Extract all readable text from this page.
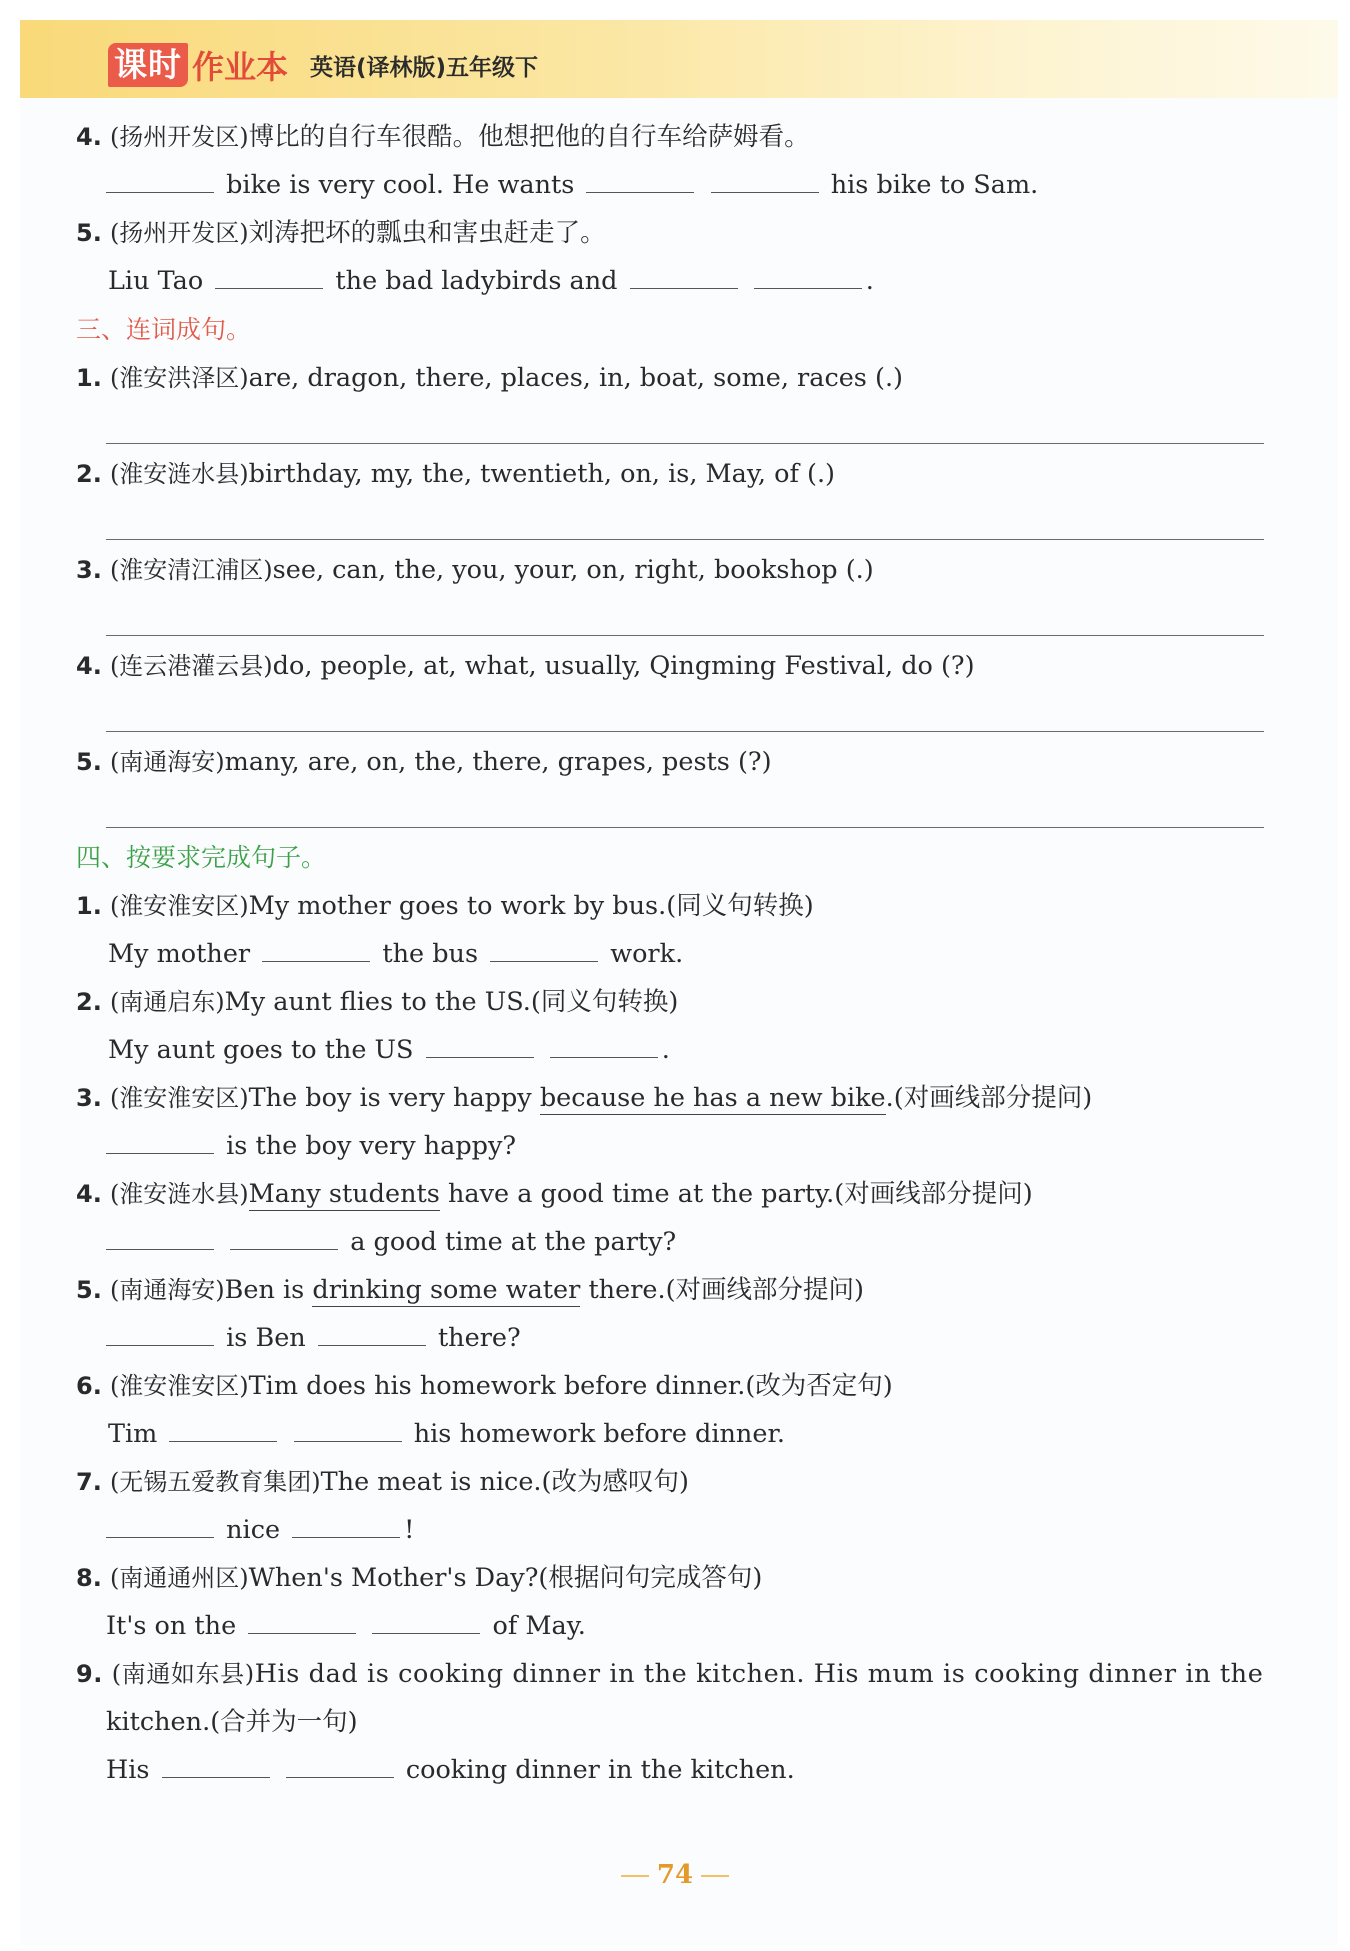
课时 作业本 英语(译林版)五年级下
4. (扬州开发区)博比的自行车很酷。他想把他的自行车给萨姆看。
bike is very cool. He wants	his bike to Sam.
5. (扬州开发区)刘涛把坏的瓢虫和害虫赶走了。
Liu Tao	the bad ladybirds and	.
三、连词成句。
1. (淮安洪泽区)are, dragon, there, places, in, boat, some, races (.)
2. (淮安涟水县)birthday, my, the, twentieth, on, is, May, of (.)
3. (淮安清江浦区)see, can, the, you, your, on, right, bookshop (.)
4. (连云港灌云县)do, people, at, what, usually, Qingming Festival, do (?)
5. (南通海安)many, are, on, the, there, grapes, pests (?)
四、按要求完成句子。
1. (淮安淮安区)My mother goes to work by bus.(同义句转换)
My mother	the bus	work.
2. (南通启东)My aunt flies to the US.(同义句转换)
My aunt goes to the US	.
3. (淮安淮安区)The boy is very happy because he has a new bike.(对画线部分提问)
is the boy very happy?
4. (淮安涟水县)Many students have a good time at the party.(对画线部分提问)
a good time at the party?
5. (南通海安)Ben is drinking some water there.(对画线部分提问)
is Ben	there?
6. (淮安淮安区)Tim does his homework before dinner.(改为否定句)
Tim	his homework before dinner.
7. (无锡五爱教育集团)The meat is nice.(改为感叹句)
nice	!
8. (南通通州区)When's Mother's Day?(根据问句完成答句)
It's on the	of May.
9. (南通如东县)His dad is cooking dinner in the kitchen. His mum is cooking dinner in the
kitchen.(合并为一句)
His	cooking dinner in the kitchen.
74
